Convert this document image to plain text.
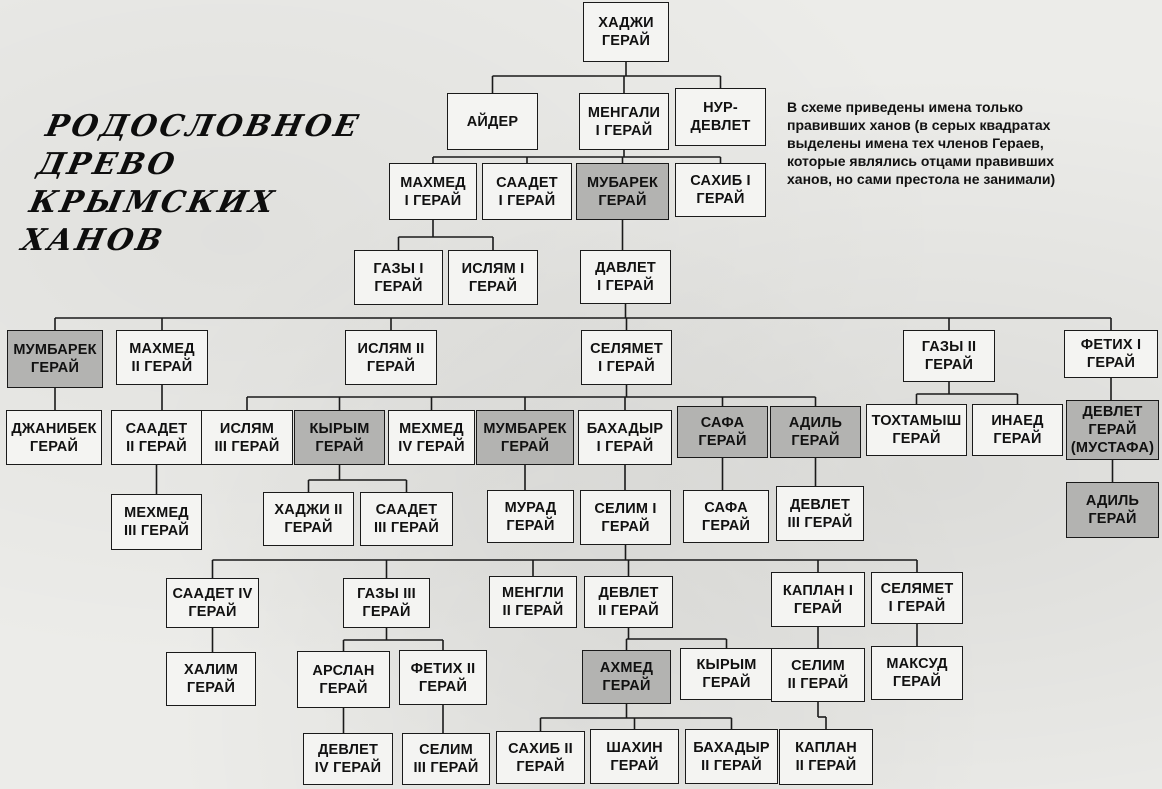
РОДОСЛОВНОЕ
ДРЕВО
КРЫМСКИХ
ХАНОВ
В схеме приведены имена только
правивших ханов (в серых квадратах
выделены имена тех членов Гераев,
которые являлись отцами правивших
ханов, но сами престола не занимали)
ХАДЖИ
ГЕРАЙ
АЙДЕР
МЕНГАЛИ
I ГЕРАЙ
НУР-
ДЕВЛЕТ
МАХМЕД
I ГЕРАЙ
СААДЕТ
I ГЕРАЙ
МУБАРЕК
ГЕРАЙ
САХИБ I
ГЕРАЙ
ГАЗЫ I
ГЕРАЙ
ИСЛЯМ I
ГЕРАЙ
ДАВЛЕТ
I ГЕРАЙ
МУМБАРЕК
ГЕРАЙ
МАХМЕД
II ГЕРАЙ
ИСЛЯМ II
ГЕРАЙ
СЕЛЯМЕТ
I ГЕРАЙ
ГАЗЫ II
ГЕРАЙ
ФЕТИХ I
ГЕРАЙ
ДЖАНИБЕК
ГЕРАЙ
СААДЕТ
II ГЕРАЙ
ИСЛЯМ
III ГЕРАЙ
КЫРЫМ
ГЕРАЙ
МЕХМЕД
IV ГЕРАЙ
МУМБАРЕК
ГЕРАЙ
БАХАДЫР
I ГЕРАЙ
САФА
ГЕРАЙ
АДИЛЬ
ГЕРАЙ
ТОХТАМЫШ
ГЕРАЙ
ИНАЕД
ГЕРАЙ
ДЕВЛЕТ
ГЕРАЙ
(МУСТАФА)
МЕХМЕД
III ГЕРАЙ
ХАДЖИ II
ГЕРАЙ
СААДЕТ
III ГЕРАЙ
МУРАД
ГЕРАЙ
СЕЛИМ I
ГЕРАЙ
САФА
ГЕРАЙ
ДЕВЛЕТ
III ГЕРАЙ
АДИЛЬ
ГЕРАЙ
СААДЕТ IV
ГЕРАЙ
ГАЗЫ III
ГЕРАЙ
МЕНГЛИ
II ГЕРАЙ
ДЕВЛЕТ
II ГЕРАЙ
КАПЛАН I
ГЕРАЙ
СЕЛЯМЕТ
I ГЕРАЙ
ХАЛИМ
ГЕРАЙ
АРСЛАН
ГЕРАЙ
ФЕТИХ II
ГЕРАЙ
АХМЕД
ГЕРАЙ
КЫРЫМ
ГЕРАЙ
СЕЛИМ
II ГЕРАЙ
МАКСУД
ГЕРАЙ
ДЕВЛЕТ
IV ГЕРАЙ
СЕЛИМ
III ГЕРАЙ
САХИБ II
ГЕРАЙ
ШАХИН
ГЕРАЙ
БАХАДЫР
II ГЕРАЙ
КАПЛАН
II ГЕРАЙ
